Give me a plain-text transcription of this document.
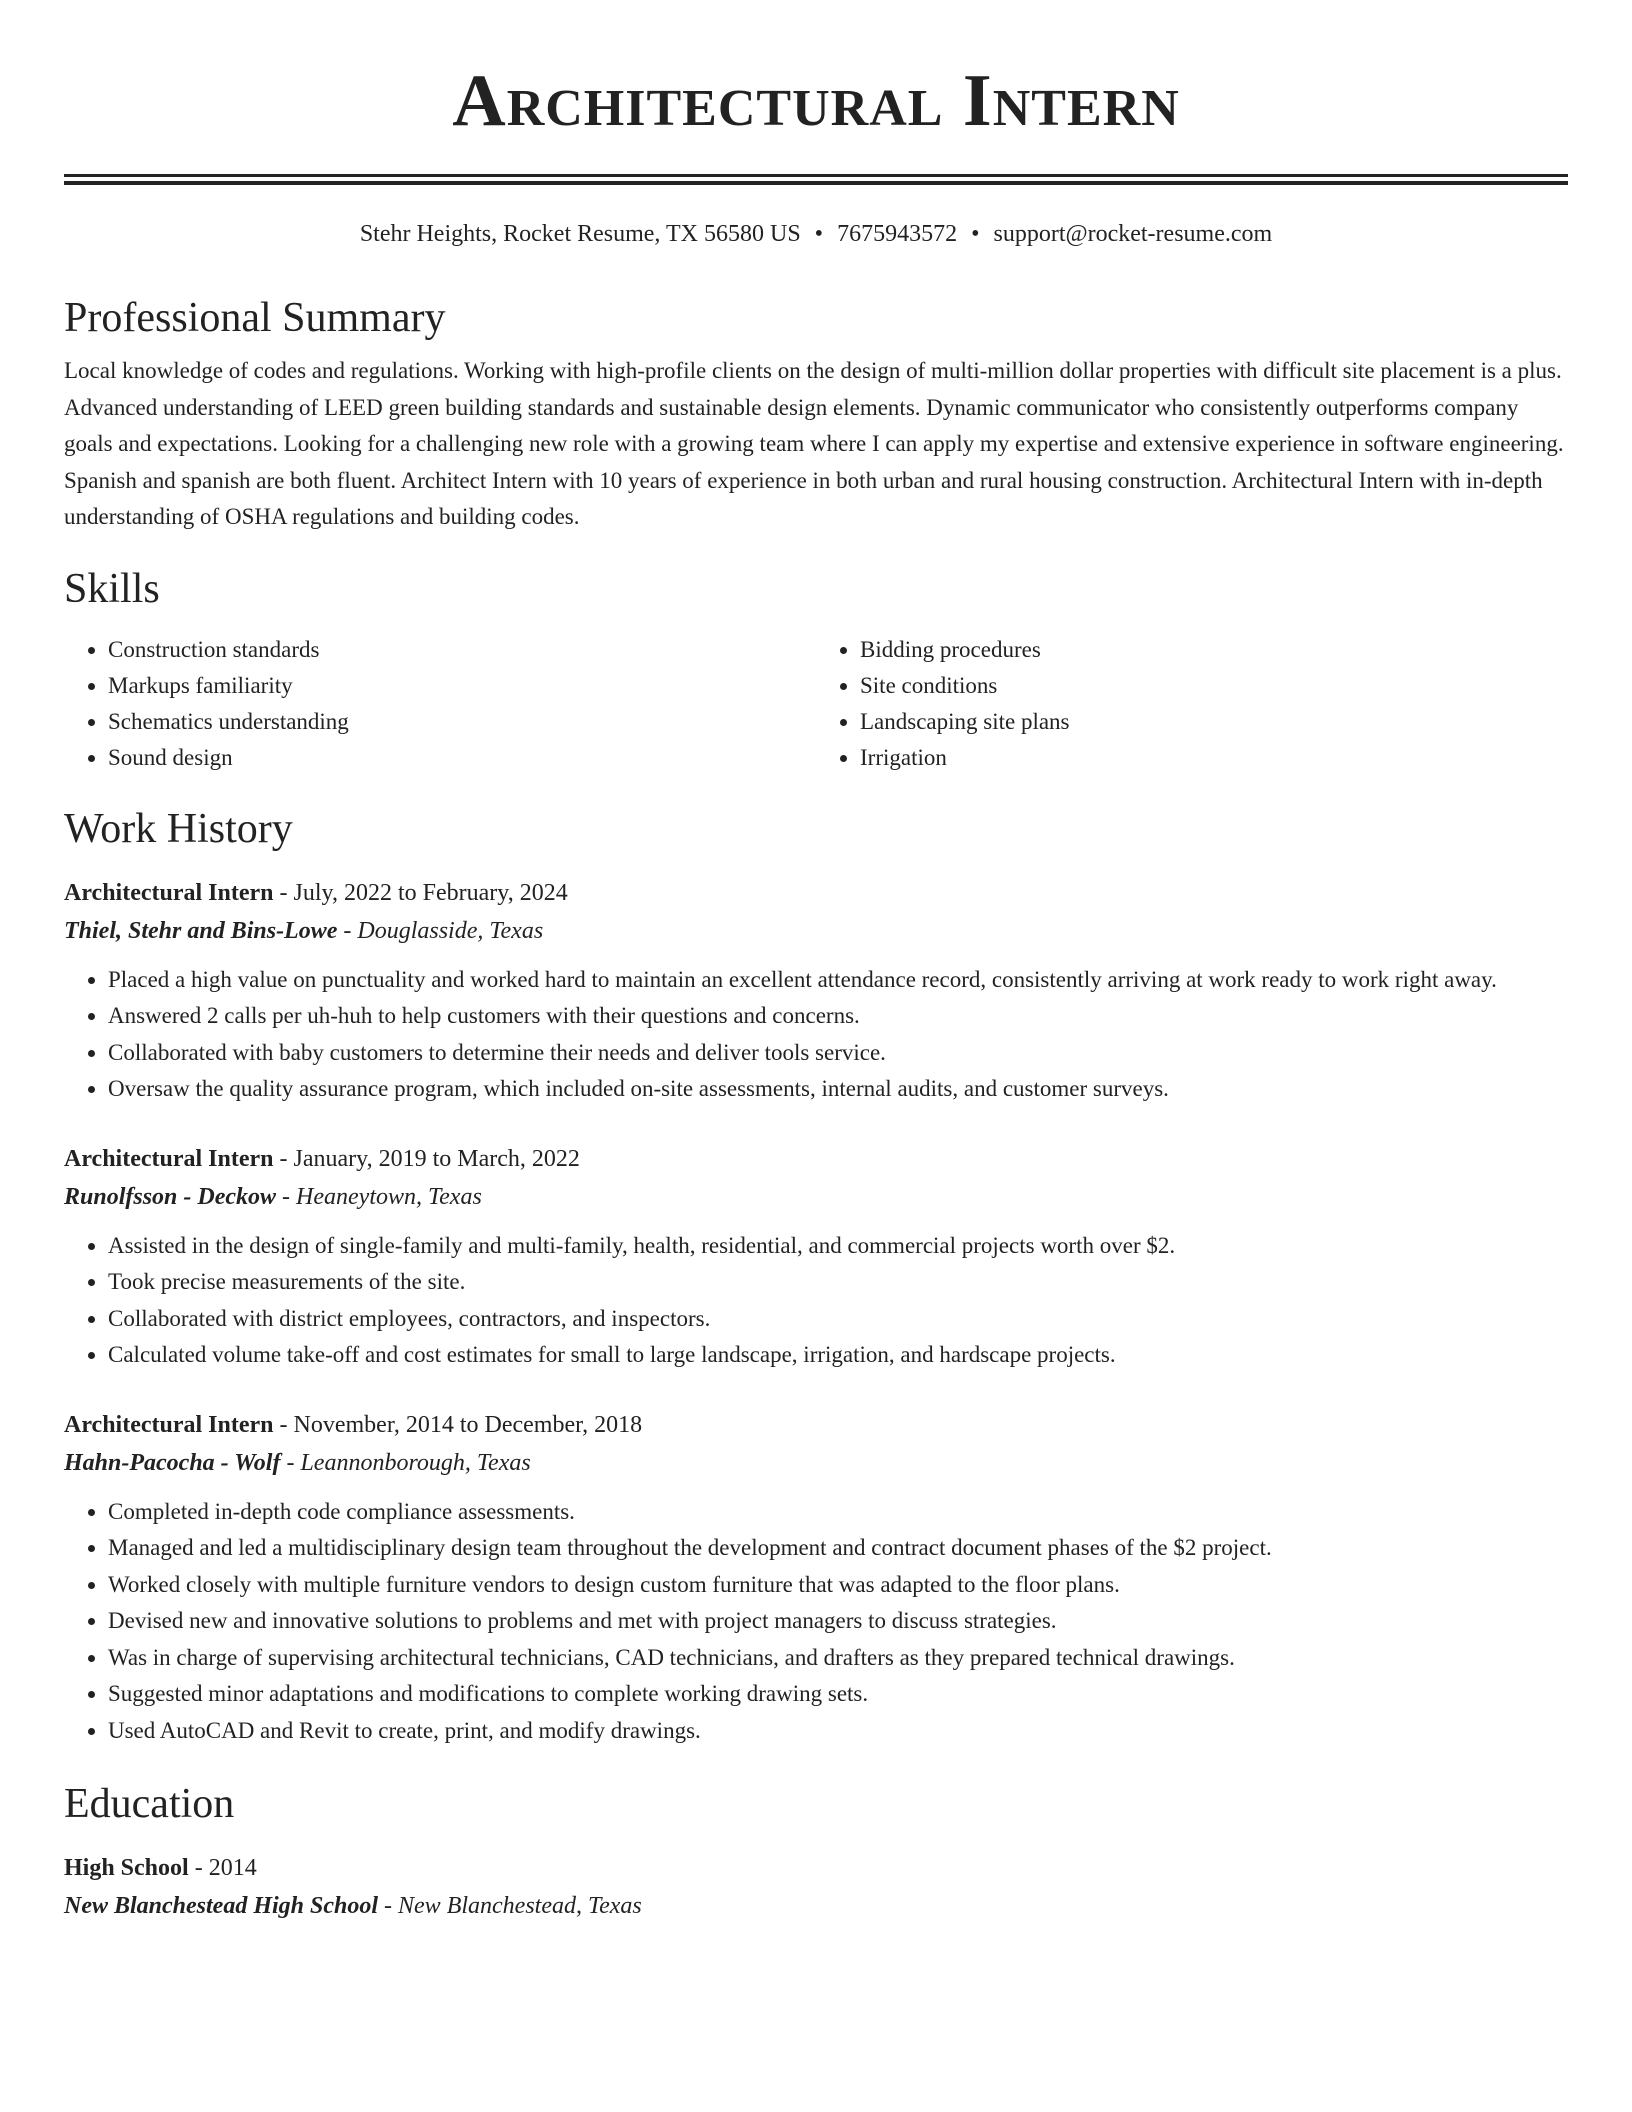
Architectural Intern
Stehr Heights, Rocket Resume, TX 56580 US • 7675943572 • support@rocket-resume.com
Professional Summary

Local knowledge of codes and regulations. Working with high-profile clients on the design of multi-million dollar properties with difficult site placement is a plus. Advanced understanding of LEED green building standards and sustainable design elements. Dynamic communicator who consistently outperforms company goals and expectations. Looking for a challenging new role with a growing team where I can apply my expertise and extensive experience in software engineering. Spanish and spanish are both fluent. Architect Intern with 10 years of experience in both urban and rural housing construction. Architectural Intern with in-depth understanding of OSHA regulations and building codes.

Skills
• Construction standards
• Markups familiarity
• Schematics understanding
• Sound design
• Bidding procedures
• Site conditions
• Landscaping site plans
• Irrigation
Work History
Architectural Intern - July, 2022 to February, 2024
Thiel, Stehr and Bins-Lowe - Douglasside, Texas
• Placed a high value on punctuality and worked hard to maintain an excellent attendance record, consistently arriving at work ready to work right away.
• Answered 2 calls per uh-huh to help customers with their questions and concerns.
• Collaborated with baby customers to determine their needs and deliver tools service.
• Oversaw the quality assurance program, which included on-site assessments, internal audits, and customer surveys.
Architectural Intern - January, 2019 to March, 2022
Runolfsson - Deckow - Heaneytown, Texas
• Assisted in the design of single-family and multi-family, health, residential, and commercial projects worth over $2.
• Took precise measurements of the site.
• Collaborated with district employees, contractors, and inspectors.
• Calculated volume take-off and cost estimates for small to large landscape, irrigation, and hardscape projects.
Architectural Intern - November, 2014 to December, 2018
Hahn-Pacocha - Wolf - Leannonborough, Texas
• Completed in-depth code compliance assessments.
• Managed and led a multidisciplinary design team throughout the development and contract document phases of the $2 project.
• Worked closely with multiple furniture vendors to design custom furniture that was adapted to the floor plans.
• Devised new and innovative solutions to problems and met with project managers to discuss strategies.
• Was in charge of supervising architectural technicians, CAD technicians, and drafters as they prepared technical drawings.
• Suggested minor adaptations and modifications to complete working drawing sets.
• Used AutoCAD and Revit to create, print, and modify drawings.
Education
High School - 2014
New Blanchestead High School - New Blanchestead, Texas
